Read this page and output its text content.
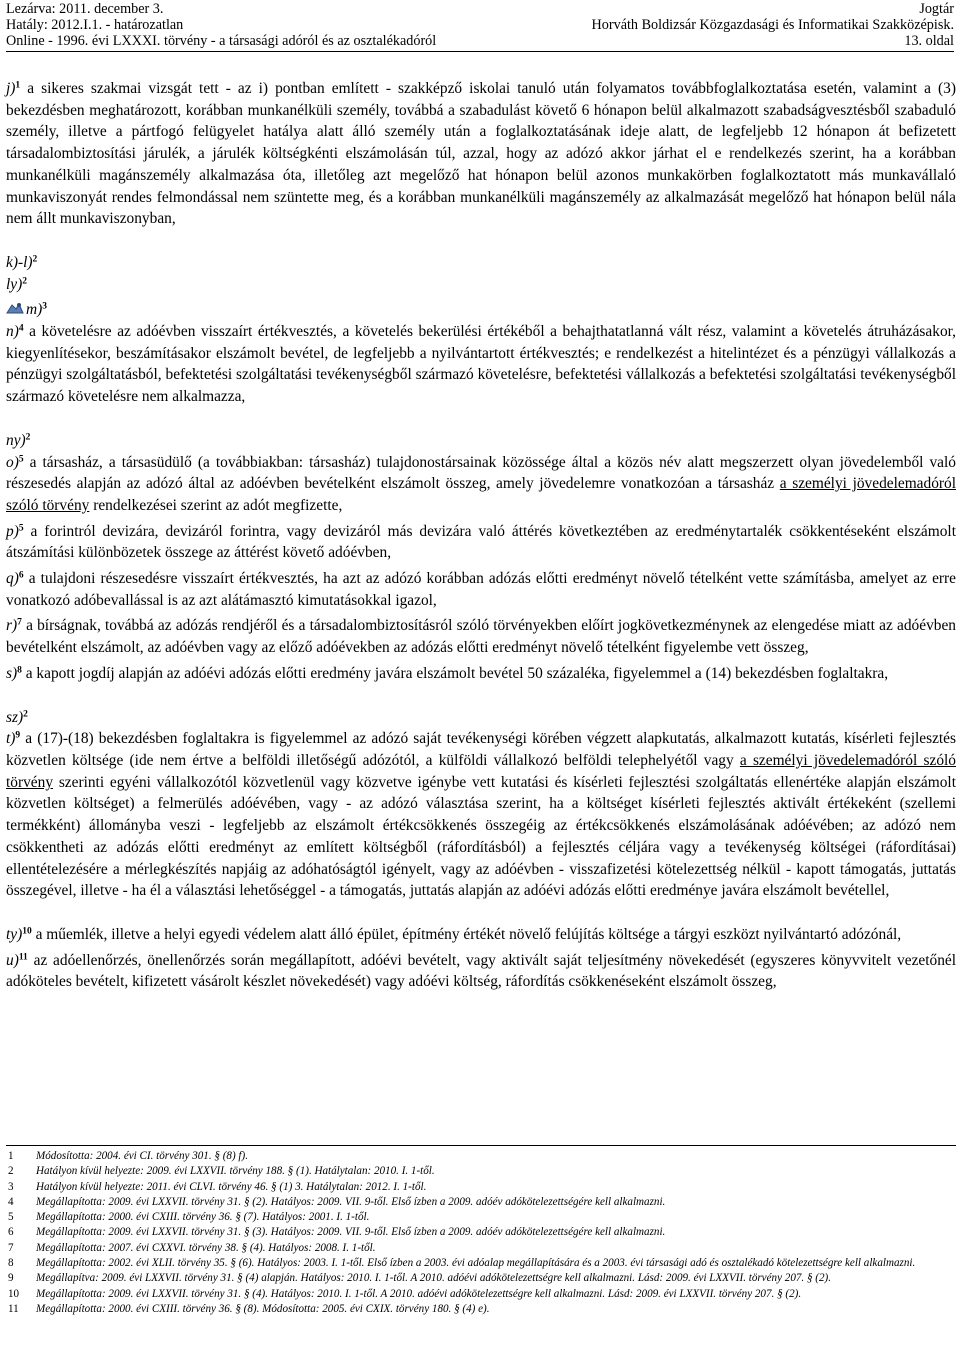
Lezárva: 2011. december 3.	Jogtár
Hatály: 2012.I.1. - határozatlan	Horváth Boldizsár Közgazdasági és Informatikai Szakközépisk.
Online - 1996. évi LXXXI. törvény - a társasági adóról és az osztalékadóról	13. oldal

j)$^1$ a sikeres szakmai vizsgát tett - az i) pontban említett - szakképző iskolai tanuló után folyamatos továbbfoglalkoztatása esetén, valamint a (3) bekezdésben meghatározott, korábban munkanélküli személy, továbbá a szabadulást követő 6 hónapon belül alkalmazott szabadságvesztésből szabaduló személy, illetve a pártfogó felügyelet hatálya alatt álló személy után a foglalkoztatásának ideje alatt, de legfeljebb 12 hónapon át befizetett társadalombiztosítási járulék, a járulék költségkénti elszámolásán túl, azzal, hogy az adózó akkor járhat el e rendelkezés szerint, ha a korábban munkanélküli magánszemély alkalmazása óta, illetőleg azt megelőző hat hónapon belül azonos munkakörben foglalkoztatott más munkavállaló munkaviszonyát rendes felmondással nem szüntette meg, és a korábban munkanélküli magánszemély az alkalmazását megelőző hat hónapon belül nála nem állt munkaviszonyban,

k)-l)$^2$

ly)$^2$

m)$^3$

n)$^4$ a követelésre az adóévben visszaírt értékvesztés, a követelés bekerülési értékéből a behajthatatlanná vált rész, valamint a követelés átruházásakor, kiegyenlítésekor, beszámításakor elszámolt bevétel, de legfeljebb a nyilvántartott értékvesztés; e rendelkezést a hitelintézet és a pénzügyi vállalkozás a pénzügyi szolgáltatásból, befektetési szolgáltatási tevékenységből származó követelésre, befektetési vállalkozás a befektetési szolgáltatási tevékenységből származó követelésre nem alkalmazza,

ny)$^2$

o)$^5$ a társasház, a társasüdülő (a továbbiakban: társasház) tulajdonostársainak közössége által a közös név alatt megszerzett olyan jövedelemből való részesedés alapján az adózó által az adóévben bevételként elszámolt összeg, amely jövedelemre vonatkozóan a társasház a személyi jövedelemadóról szóló törvény rendelkezései szerint az adót megfizette,

p)$^5$ a forintról devizára, devizáról forintra, vagy devizáról más devizára való áttérés következtében az eredménytartalék csökkentéseként elszámolt átszámítási különbözetek összege az áttérést követő adóévben,

q)$^6$ a tulajdoni részesedésre visszaírt értékvesztés, ha azt az adózó korábban adózás előtti eredményt növelő tételként vette számításba, amelyet az erre vonatkozó adóbevallással is az azt alátámasztó kimutatásokkal igazol,

r)$^7$ a bírságnak, továbbá az adózás rendjéről és a társadalombiztosításról szóló törvényekben előírt jogkövetkezménynek az elengedése miatt az adóévben bevételként elszámolt, az adóévben vagy az előző adóévekben az adózás előtti eredményt növelő tételként figyelembe vett összeg,

s)$^8$ a kapott jogdíj alapján az adóévi adózás előtti eredmény javára elszámolt bevétel 50 százaléka, figyelemmel a (14) bekezdésben foglaltakra,

sz)$^2$

t)$^9$ a (17)-(18) bekezdésben foglaltakra is figyelemmel az adózó saját tevékenységi körében végzett alapkutatás, alkalmazott kutatás, kísérleti fejlesztés közvetlen költsége (ide nem értve a belföldi illetőségű adózótól, a külföldi vállalkozó belföldi telephelyétől vagy a személyi jövedelemadóról szóló törvény szerinti egyéni vállalkozótól közvetlenül vagy közvetve igénybe vett kutatási és kísérleti fejlesztési szolgáltatás ellenértéke alapján elszámolt közvetlen költséget) a felmerülés adóévében, vagy - az adózó választása szerint, ha a költséget kísérleti fejlesztés aktivált értékeként (szellemi termékként) állományba veszi - legfeljebb az elszámolt értékcsökkenés összegéig az értékcsökkenés elszámolásának adóévében; az adózó nem csökkentheti az adózás előtti eredményt az említett költségből (ráfordításból) a fejlesztés céljára vagy a tevékenység költségei (ráfordításai) ellentételezésére a mérlegkészítés napjáig az adóhatóságtól igényelt, vagy az adóévben - visszafizetési kötelezettség nélkül - kapott támogatás, juttatás összegével, illetve - ha él a választási lehetőséggel - a támogatás, juttatás alapján az adóévi adózás előtti eredménye javára elszámolt bevétellel,

ty)$^{10}$ a műemlék, illetve a helyi egyedi védelem alatt álló épület, építmény értékét növelő felújítás költsége a tárgyi eszközt nyilvántartó adózónál,

u)$^{11}$ az adóellenőrzés, önellenőrzés során megállapított, adóévi bevételt, vagy aktivált saját teljesítmény növekedését (egyszeres könyvvitelt vezetőnél adóköteles bevételt, kifizetett vásárolt készlet növekedését) vagy adóévi költség, ráfordítás csökkenéseként elszámolt összeg,

1 Módosította: 2004. évi CI. törvény 301. § (8) f).

2 Hatályon kívül helyezte: 2009. évi LXXVII. törvény 188. § (1). Hatálytalan: 2010. I. 1-től.

3 Hatályon kívül helyezte: 2011. évi CLVI. törvény 46. § (1) 3. Hatálytalan: 2012. I. 1-től.

4 Megállapította: 2009. évi LXXVII. törvény 31. § (2). Hatályos: 2009. VII. 9-től. Első ízben a 2009. adóév adókötelezettségére kell alkalmazni.

5 Megállapította: 2000. évi CXIII. törvény 36. § (7). Hatályos: 2001. I. 1-től.

6 Megállapította: 2009. évi LXXVII. törvény 31. § (3). Hatályos: 2009. VII. 9-től. Első ízben a 2009. adóév adókötelezettségére kell alkalmazni.

7 Megállapította: 2007. évi CXXVI. törvény 38. § (4). Hatályos: 2008. I. 1-től.

8 Megállapította: 2002. évi XLII. törvény 35. § (6). Hatályos: 2003. I. 1-től. Első ízben a 2003. évi adóalap megállapítására és a 2003. évi társasági adó és osztalékadó kötelezettségre kell alkalmazni.

9 Megállapítva: 2009. évi LXXVII. törvény 31. § (4) alapján. Hatályos: 2010. I. 1-től. A 2010. adóévi adókötelezettségre kell alkalmazni. Lásd: 2009. évi LXXVII. törvény 207. § (2).

10 Megállapította: 2009. évi LXXVII. törvény 31. § (4). Hatályos: 2010. I. 1-től. A 2010. adóévi adókötelezettségre kell alkalmazni. Lásd: 2009. évi LXXVII. törvény 207. § (2).

11 Megállapította: 2000. évi CXIII. törvény 36. § (8). Módosította: 2005. évi CXIX. törvény 180. § (4) e).
